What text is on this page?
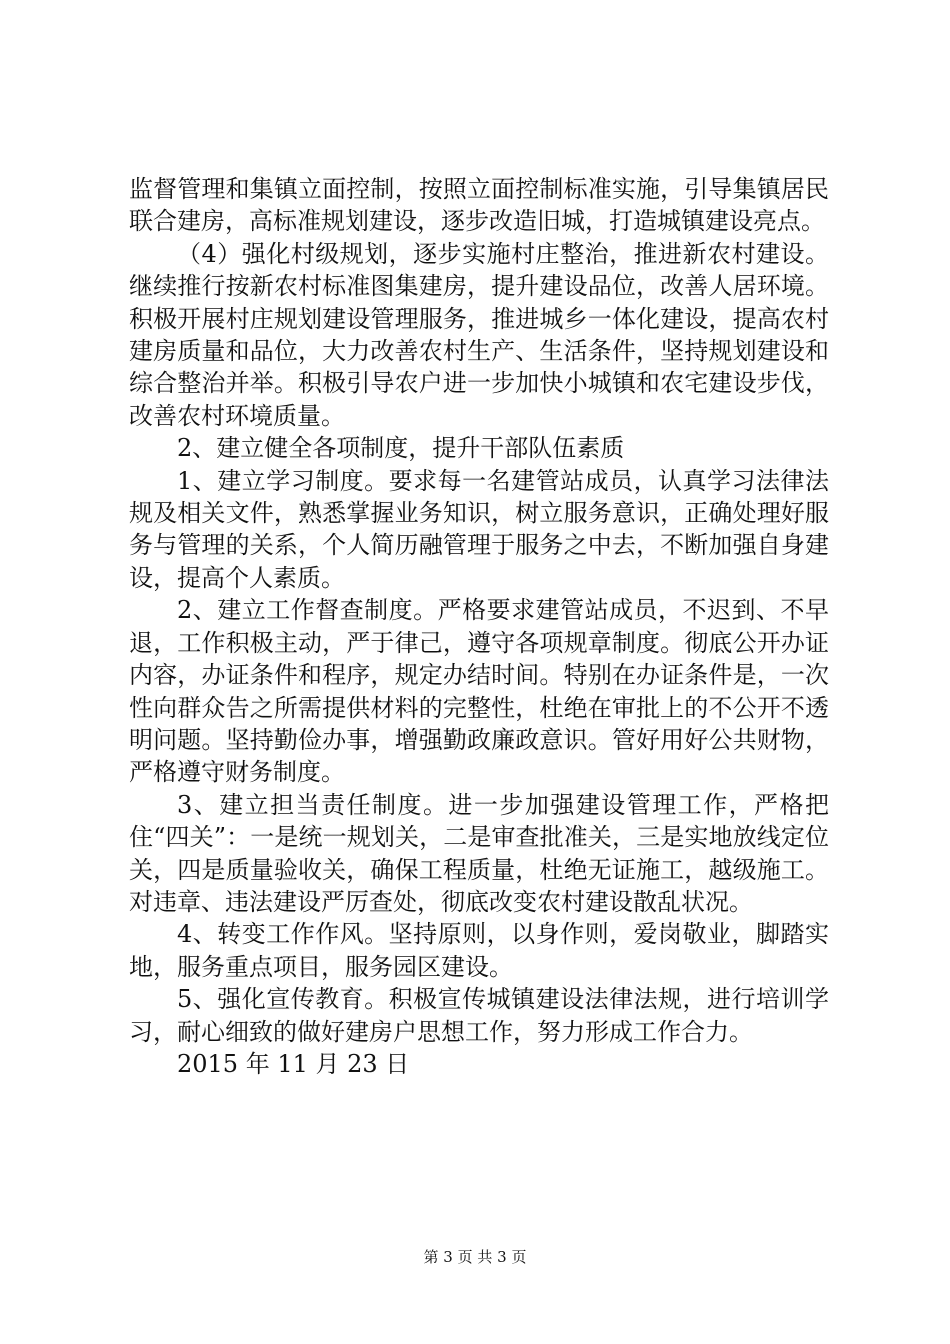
监督管理和集镇立面控制，按照立面控制标准实施，引导集镇居民联合建房，高标准规划建设，逐步改造旧城，打造城镇建设亮点。

（4）强化村级规划，逐步实施村庄整治，推进新农村建设。继续推行按新农村标准图集建房，提升建设品位，改善人居环境。积极开展村庄规划建设管理服务，推进城乡一体化建设，提高农村建房质量和品位，大力改善农村生产、生活条件，坚持规划建设和综合整治并举。积极引导农户进一步加快小城镇和农宅建设步伐，改善农村环境质量。

2、建立健全各项制度，提升干部队伍素质

1、建立学习制度。要求每一名建管站成员，认真学习法律法规及相关文件，熟悉掌握业务知识，树立服务意识，正确处理好服务与管理的关系，个人简历融管理于服务之中去，不断加强自身建设，提高个人素质。

2、建立工作督查制度。严格要求建管站成员，不迟到、不早退，工作积极主动，严于律己，遵守各项规章制度。彻底公开办证内容，办证条件和程序，规定办结时间。特别在办证条件是，一次性向群众告之所需提供材料的完整性，杜绝在审批上的不公开不透明问题。坚持勤俭办事，增强勤政廉政意识。管好用好公共财物，严格遵守财务制度。

3、建立担当责任制度。进一步加强建设管理工作，严格把住“四关”：一是统一规划关，二是审查批准关，三是实地放线定位关，四是质量验收关，确保工程质量，杜绝无证施工，越级施工。对违章、违法建设严厉查处，彻底改变农村建设散乱状况。

4、转变工作作风。坚持原则，以身作则，爱岗敬业，脚踏实地，服务重点项目，服务园区建设。

5、强化宣传教育。积极宣传城镇建设法律法规，进行培训学习，耐心细致的做好建房户思想工作，努力形成工作合力。

2015 年 11 月 23 日

第 3 页 共 3 页
